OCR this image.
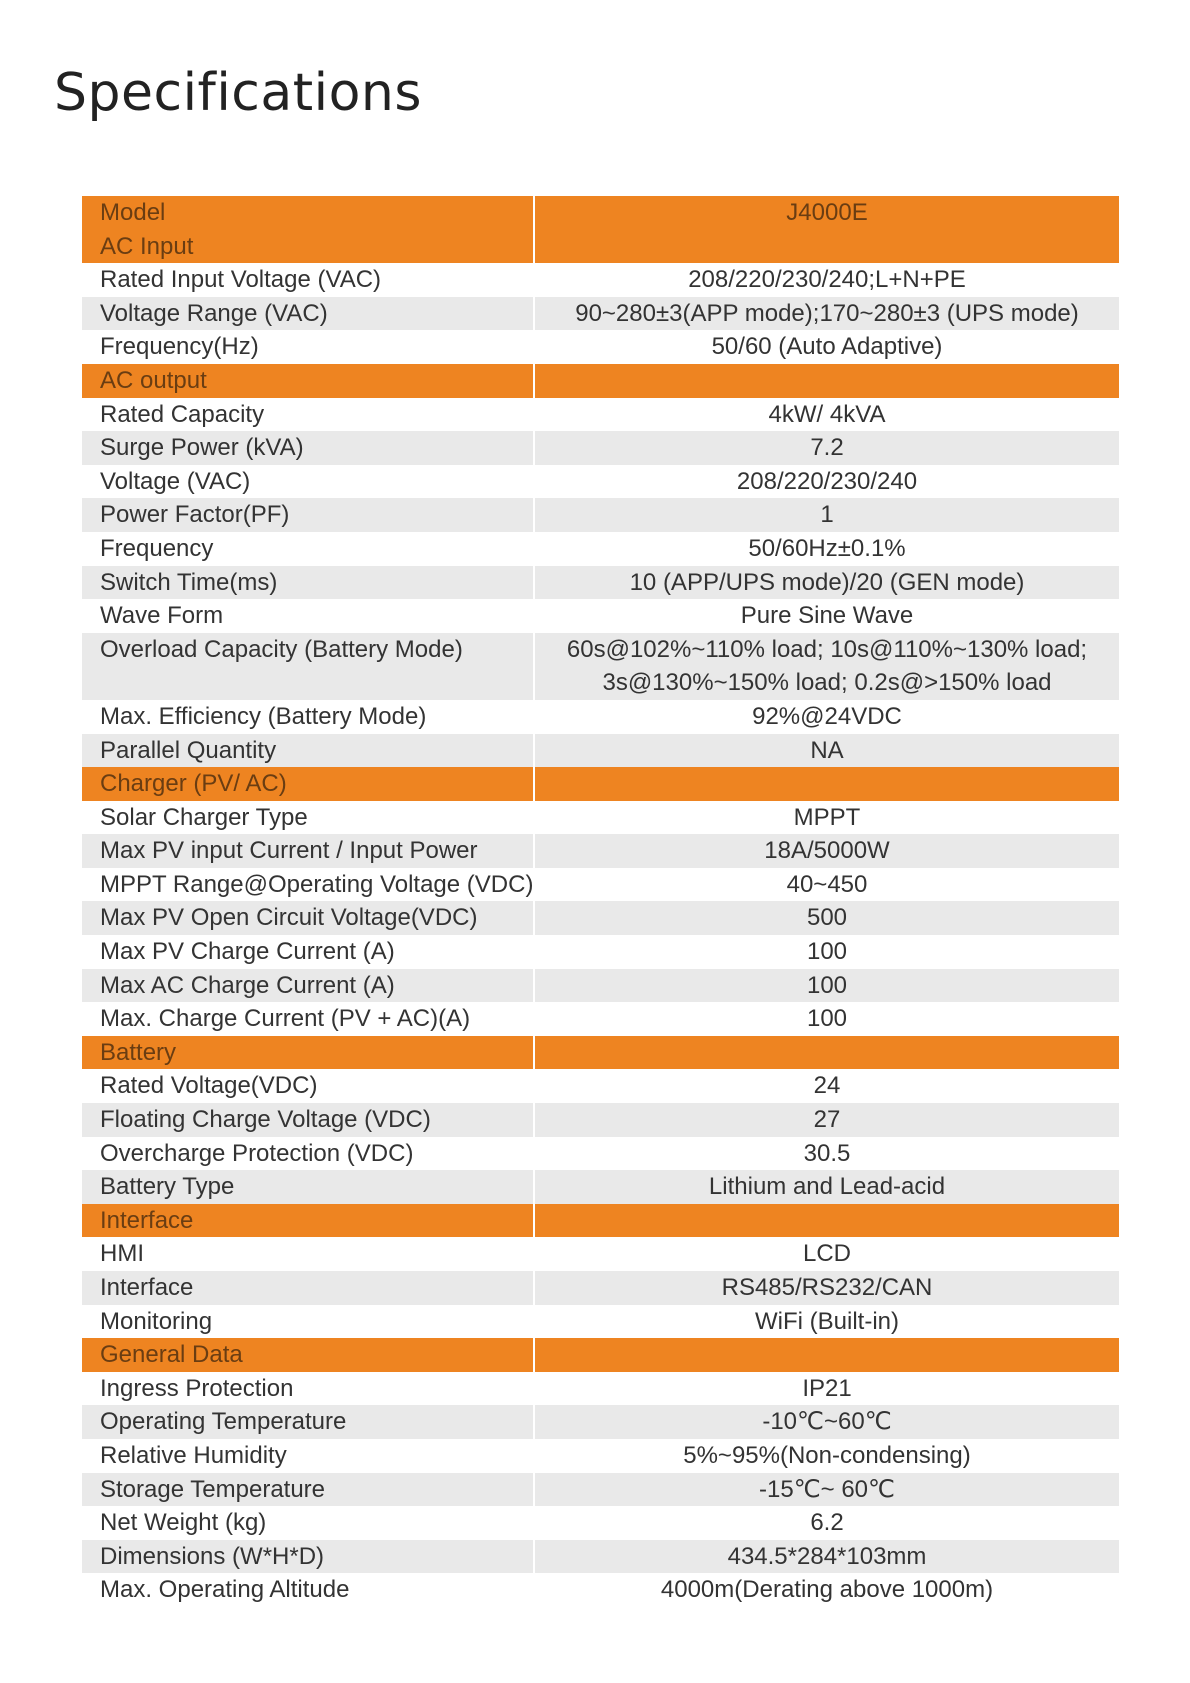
Specifications
Model	J4000E
AC Input	
Rated Input Voltage (VAC)	208/220/230/240;L+N+PE
Voltage Range (VAC)	90~280±3(APP mode);170~280±3 (UPS mode)
Frequency(Hz)	50/60 (Auto Adaptive)
AC output	
Rated Capacity	4kW/ 4kVA
Surge Power (kVA)	7.2
Voltage (VAC)	208/220/230/240
Power Factor(PF)	1
Frequency	50/60Hz±0.1%
Switch Time(ms)	10 (APP/UPS mode)/20 (GEN mode)
Wave Form	Pure Sine Wave
Overload Capacity (Battery Mode)	60s@102%~110% load; 10s@110%~130% load;
3s@130%~150% load; 0.2s@>150% load

Max. Efficiency (Battery Mode)	92%@24VDC
Parallel Quantity	NA
Charger (PV/ AC)	
Solar Charger Type	MPPT
Max PV input Current / Input Power	18A/5000W
MPPT Range@Operating Voltage (VDC)	40~450
Max PV Open Circuit Voltage(VDC)	500
Max PV Charge Current (A)	100
Max AC Charge Current (A)	100
Max. Charge Current (PV + AC)(A)	100
Battery	
Rated Voltage(VDC)	24
Floating Charge Voltage (VDC)	27
Overcharge Protection (VDC)	30.5
Battery Type	Lithium and Lead-acid
Interface	
HMI	LCD
Interface	RS485/RS232/CAN
Monitoring	WiFi (Built-in)
General Data	
Ingress Protection	IP21
Operating Temperature	-10℃~60℃
Relative Humidity	5%~95%(Non-condensing)
Storage Temperature	-15℃~ 60℃
Net Weight (kg)	6.2
Dimensions (W*H*D)	434.5*284*103mm
Max. Operating Altitude	4000m(Derating above 1000m)
